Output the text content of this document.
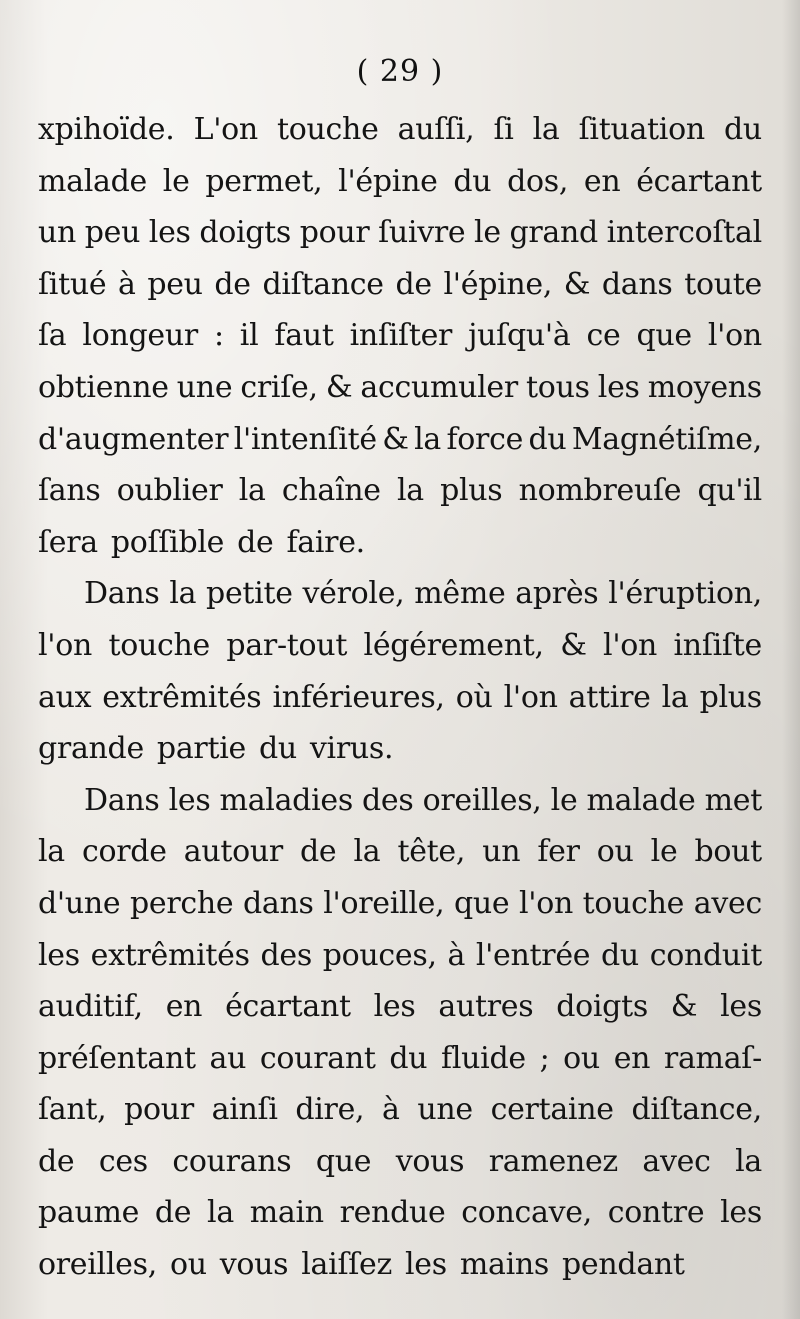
( 29 )
xpihoïde. L'on touche auſſi, ſi la ſituation du
malade le permet, l'épine du dos, en écartant
un peu les doigts pour ſuivre le grand intercoſtal
ſitué à peu de diſtance de l'épine, & dans toute
ſa longeur : il faut inſiſter juſqu'à ce que l'on
obtienne une criſe, & accumuler tous les moyens
d'augmenter l'intenſité & la force du Magnétiſme,
ſans oublier la chaîne la plus nombreuſe qu'il
ſera poſſible de faire.
Dans la petite vérole, même après l'éruption,
l'on touche par-tout légérement, & l'on inſiſte
aux extrêmités inférieures, où l'on attire la plus
grande partie du virus.
Dans les maladies des oreilles, le malade met
la corde autour de la tête, un fer ou le bout
d'une perche dans l'oreille, que l'on touche avec
les extrêmités des pouces, à l'entrée du conduit
auditif, en écartant les autres doigts & les
préſentant au courant du fluide ; ou en ramaſ-
ſant, pour ainſi dire, à une certaine diſtance,
de ces courans que vous ramenez avec la
paume de la main rendue concave, contre les
oreilles, ou vous laiſſez les mains pendant
